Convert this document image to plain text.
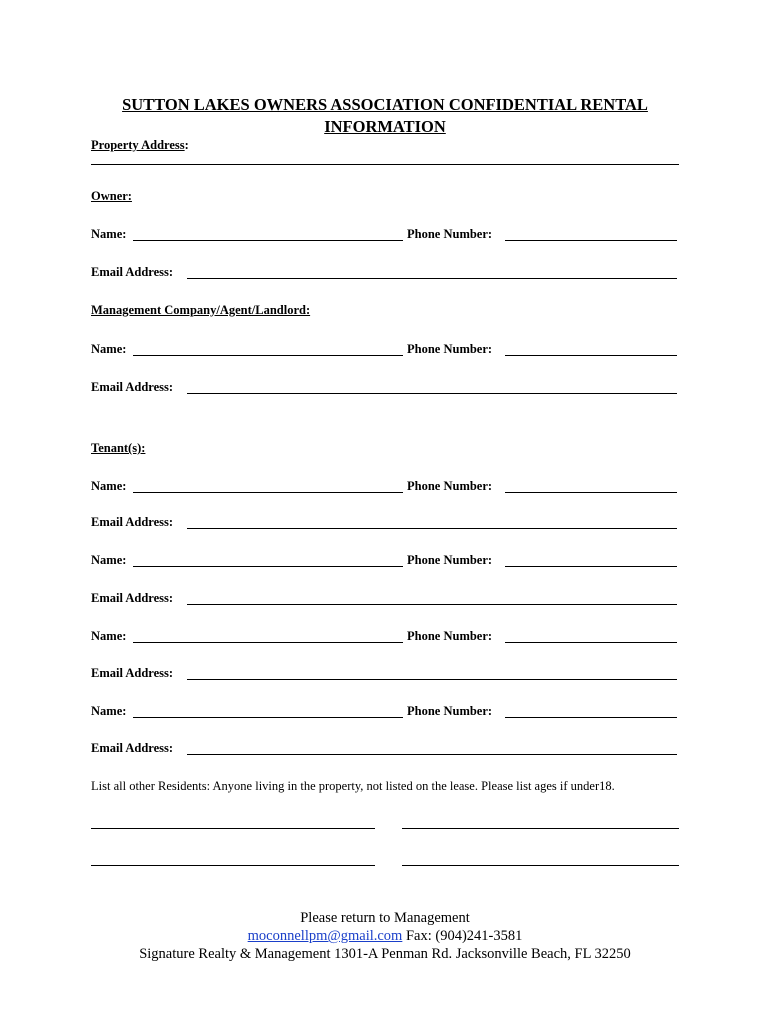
SUTTON LAKES OWNERS ASSOCIATION CONFIDENTIAL RENTAL
INFORMATION
Property Address:
Owner:
Name:	Phone Number:
Email Address:
Management Company/Agent/Landlord:
Name:	Phone Number:
Email Address:
Tenant(s):
Name:	Phone Number:
Email Address:
Name:	Phone Number:
Email Address:
Name:	Phone Number:
Email Address:
Name:	Phone Number:
Email Address:
List all other Residents: Anyone living in the property, not listed on the lease. Please list ages if under18.
Please return to Management
moconnellpm@gmail.com Fax: (904)241-3581
Signature Realty & Management 1301-A Penman Rd. Jacksonville Beach, FL 32250
